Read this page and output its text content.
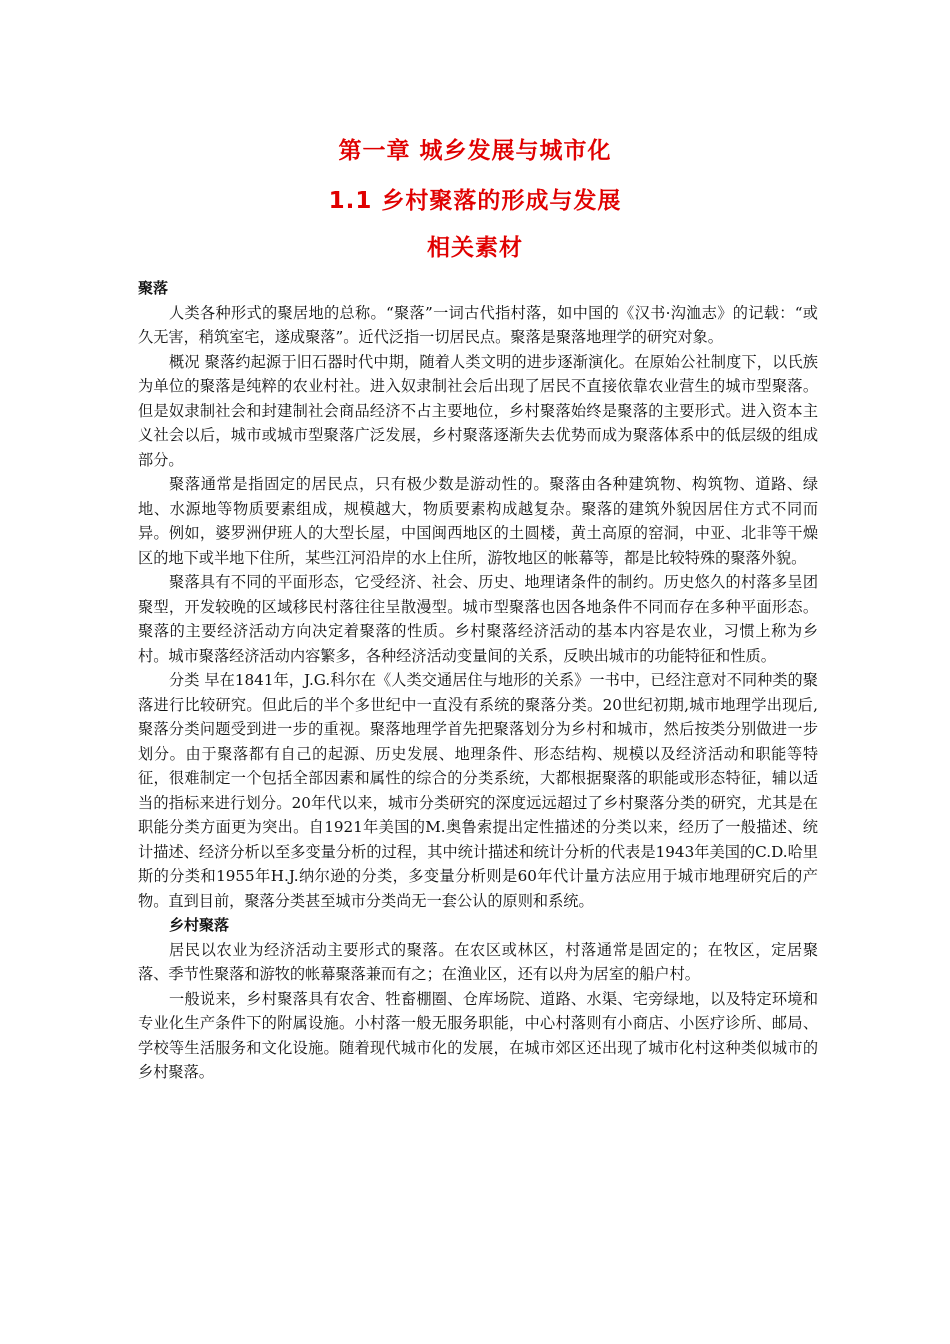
第一章 城乡发展与城市化
1.1 乡村聚落的形成与发展
相关素材
聚落

人类各种形式的聚居地的总称。“聚落”一词古代指村落，如中国的《汉书·沟洫志》的记载：“或久无害，稍筑室宅，遂成聚落”。近代泛指一切居民点。聚落是聚落地理学的研究对象。

概况 聚落约起源于旧石器时代中期，随着人类文明的进步逐渐演化。在原始公社制度下，以氏族为单位的聚落是纯粹的农业村社。进入奴隶制社会后出现了居民不直接依靠农业营生的城市型聚落。但是奴隶制社会和封建制社会商品经济不占主要地位，乡村聚落始终是聚落的主要形式。进入资本主义社会以后，城市或城市型聚落广泛发展，乡村聚落逐渐失去优势而成为聚落体系中的低层级的组成部分。

聚落通常是指固定的居民点，只有极少数是游动性的。聚落由各种建筑物、构筑物、道路、绿地、水源地等物质要素组成，规模越大，物质要素构成越复杂。聚落的建筑外貌因居住方式不同而异。例如，婆罗洲伊班人的大型长屋，中国闽西地区的土圆楼，黄土高原的窑洞，中亚、北非等干燥区的地下或半地下住所，某些江河沿岸的水上住所，游牧地区的帐幕等，都是比较特殊的聚落外貌。

聚落具有不同的平面形态，它受经济、社会、历史、地理诸条件的制约。历史悠久的村落多呈团聚型，开发较晚的区域移民村落往往呈散漫型。城市型聚落也因各地条件不同而存在多种平面形态。聚落的主要经济活动方向决定着聚落的性质。乡村聚落经济活动的基本内容是农业，习惯上称为乡村。城市聚落经济活动内容繁多，各种经济活动变量间的关系，反映出城市的功能特征和性质。

分类 早在1841年，J.G.科尔在《人类交通居住与地形的关系》一书中，已经注意对不同种类的聚落进行比较研究。但此后的半个多世纪中一直没有系统的聚落分类。20世纪初期,城市地理学出现后,聚落分类问题受到进一步的重视。聚落地理学首先把聚落划分为乡村和城市，然后按类分别做进一步划分。由于聚落都有自己的起源、历史发展、地理条件、形态结构、规模以及经济活动和职能等特征，很难制定一个包括全部因素和属性的综合的分类系统，大都根据聚落的职能或形态特征，辅以适当的指标来进行划分。20年代以来，城市分类研究的深度远远超过了乡村聚落分类的研究，尤其是在职能分类方面更为突出。自1921年美国的M.奥鲁索提出定性描述的分类以来，经历了一般描述、统计描述、经济分析以至多变量分析的过程，其中统计描述和统计分析的代表是1943年美国的C.D.哈里斯的分类和1955年H.J.纳尔逊的分类，多变量分析则是60年代计量方法应用于城市地理研究后的产物。直到目前，聚落分类甚至城市分类尚无一套公认的原则和系统。

乡村聚落

居民以农业为经济活动主要形式的聚落。在农区或林区，村落通常是固定的；在牧区，定居聚落、季节性聚落和游牧的帐幕聚落兼而有之；在渔业区，还有以舟为居室的船户村。

一般说来，乡村聚落具有农舍、牲畜棚圈、仓库场院、道路、水渠、宅旁绿地，以及特定环境和专业化生产条件下的附属设施。小村落一般无服务职能，中心村落则有小商店、小医疗诊所、邮局、学校等生活服务和文化设施。随着现代城市化的发展，在城市郊区还出现了城市化村这种类似城市的乡村聚落。
